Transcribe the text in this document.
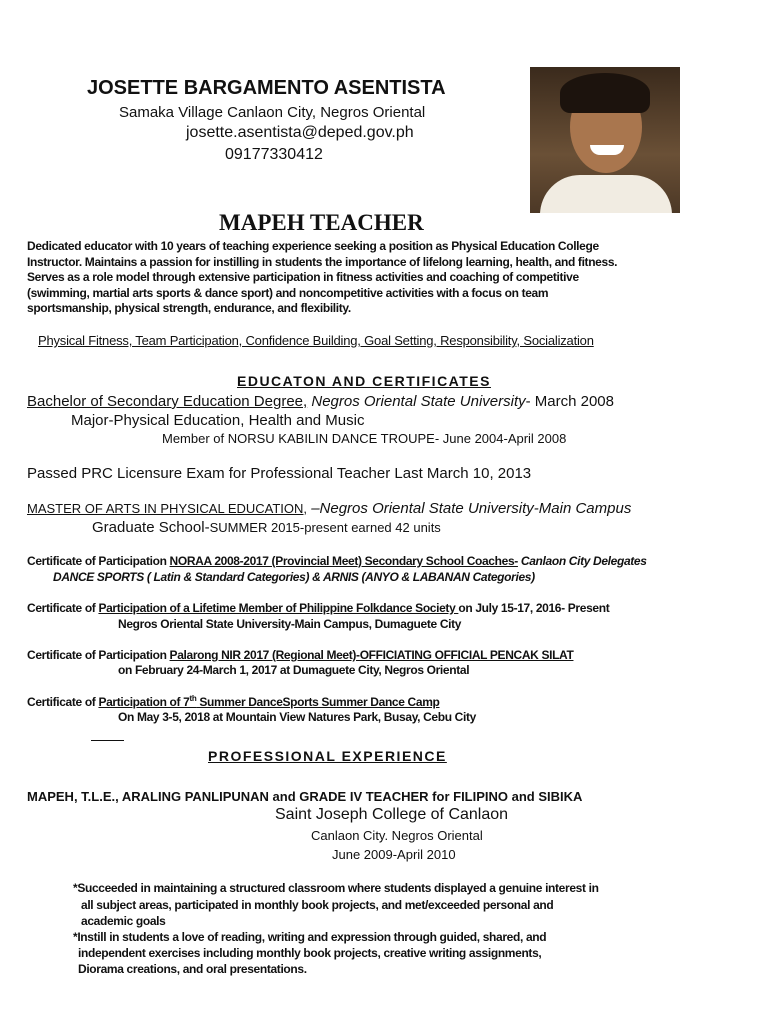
JOSETTE BARGAMENTO ASENTISTA
Samaka Village Canlaon City, Negros Oriental
josette.asentista@deped.gov.ph
09177330412
MAPEH TEACHER
Dedicated educator with 10 years of teaching experience seeking a position as Physical Education College
Instructor. Maintains a passion for instilling in students the importance of lifelong learning, health, and fitness.
Serves as a role model through extensive participation in fitness activities and coaching of competitive
(swimming, martial arts sports & dance sport) and noncompetitive activities with a focus on team
sportsmanship, physical strength, endurance, and flexibility.
Physical Fitness, Team Participation, Confidence Building, Goal Setting, Responsibility, Socialization
EDUCATON AND CERTIFICATES
Bachelor of Secondary Education Degree, Negros Oriental State University- March 2008
Major-Physical Education, Health and Music
Member of NORSU KABILIN DANCE TROUPE- June 2004-April 2008
Passed PRC Licensure Exam for Professional Teacher Last March 10, 2013
MASTER OF ARTS IN PHYSICAL EDUCATION, –Negros Oriental State University-Main Campus
Graduate School-SUMMER 2015-present earned 42 units
Certificate of Participation NORAA 2008-2017 (Provincial Meet) Secondary School Coaches- Canlaon City Delegates
DANCE SPORTS ( Latin & Standard Categories) & ARNIS (ANYO & LABANAN Categories)
Certificate of Participation of a Lifetime Member of Philippine Folkdance Society on July 15-17, 2016- Present
Negros Oriental State University-Main Campus, Dumaguete City
Certificate of Participation Palarong NIR 2017 (Regional Meet)-OFFICIATING OFFICIAL PENCAK SILAT
on February 24-March 1, 2017 at Dumaguete City, Negros Oriental
Certificate of Participation of 7th Summer DanceSports Summer Dance Camp
On May 3-5, 2018 at Mountain View Natures Park, Busay, Cebu City
PROFESSIONAL EXPERIENCE
MAPEH, T.L.E., ARALING PANLIPUNAN and GRADE IV TEACHER for FILIPINO and SIBIKA
Saint Joseph College of Canlaon
Canlaon City. Negros Oriental
June 2009-April 2010
*Succeeded in maintaining a structured classroom where students displayed a genuine interest in
all subject areas, participated in monthly book projects, and met/exceeded personal and
academic goals
*Instill in students a love of reading, writing and expression through guided, shared, and
independent exercises including monthly book projects, creative writing assignments,
Diorama creations, and oral presentations.
